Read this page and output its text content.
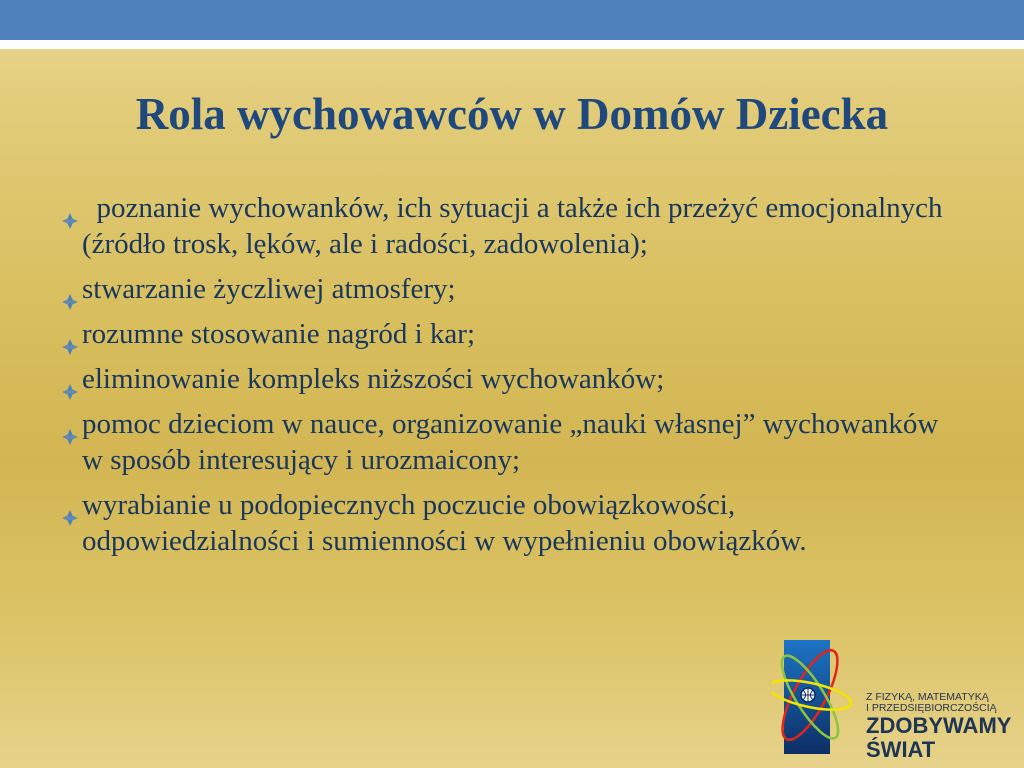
Rola wychowawców w Domów Dziecka
poznanie wychowanków, ich sytuacji a także ich przeżyć emocjonalnych (źródło trosk, lęków, ale i radości, zadowolenia);
stwarzanie życzliwej atmosfery;
rozumne stosowanie nagród i kar;
eliminowanie kompleks niższości wychowanków;
pomoc dzieciom w nauce, organizowanie „nauki własnej” wychowanków w sposób interesujący i urozmaicony;
wyrabianie u podopiecznych poczucie obowiązkowości, odpowiedzialności i sumienności w wypełnieniu obowiązków.
Z FIZYKĄ, MATEMATYKĄ
I PRZEDSIĘBIORCZOŚCIĄ
ZDOBYWAMY
ŚWIAT
